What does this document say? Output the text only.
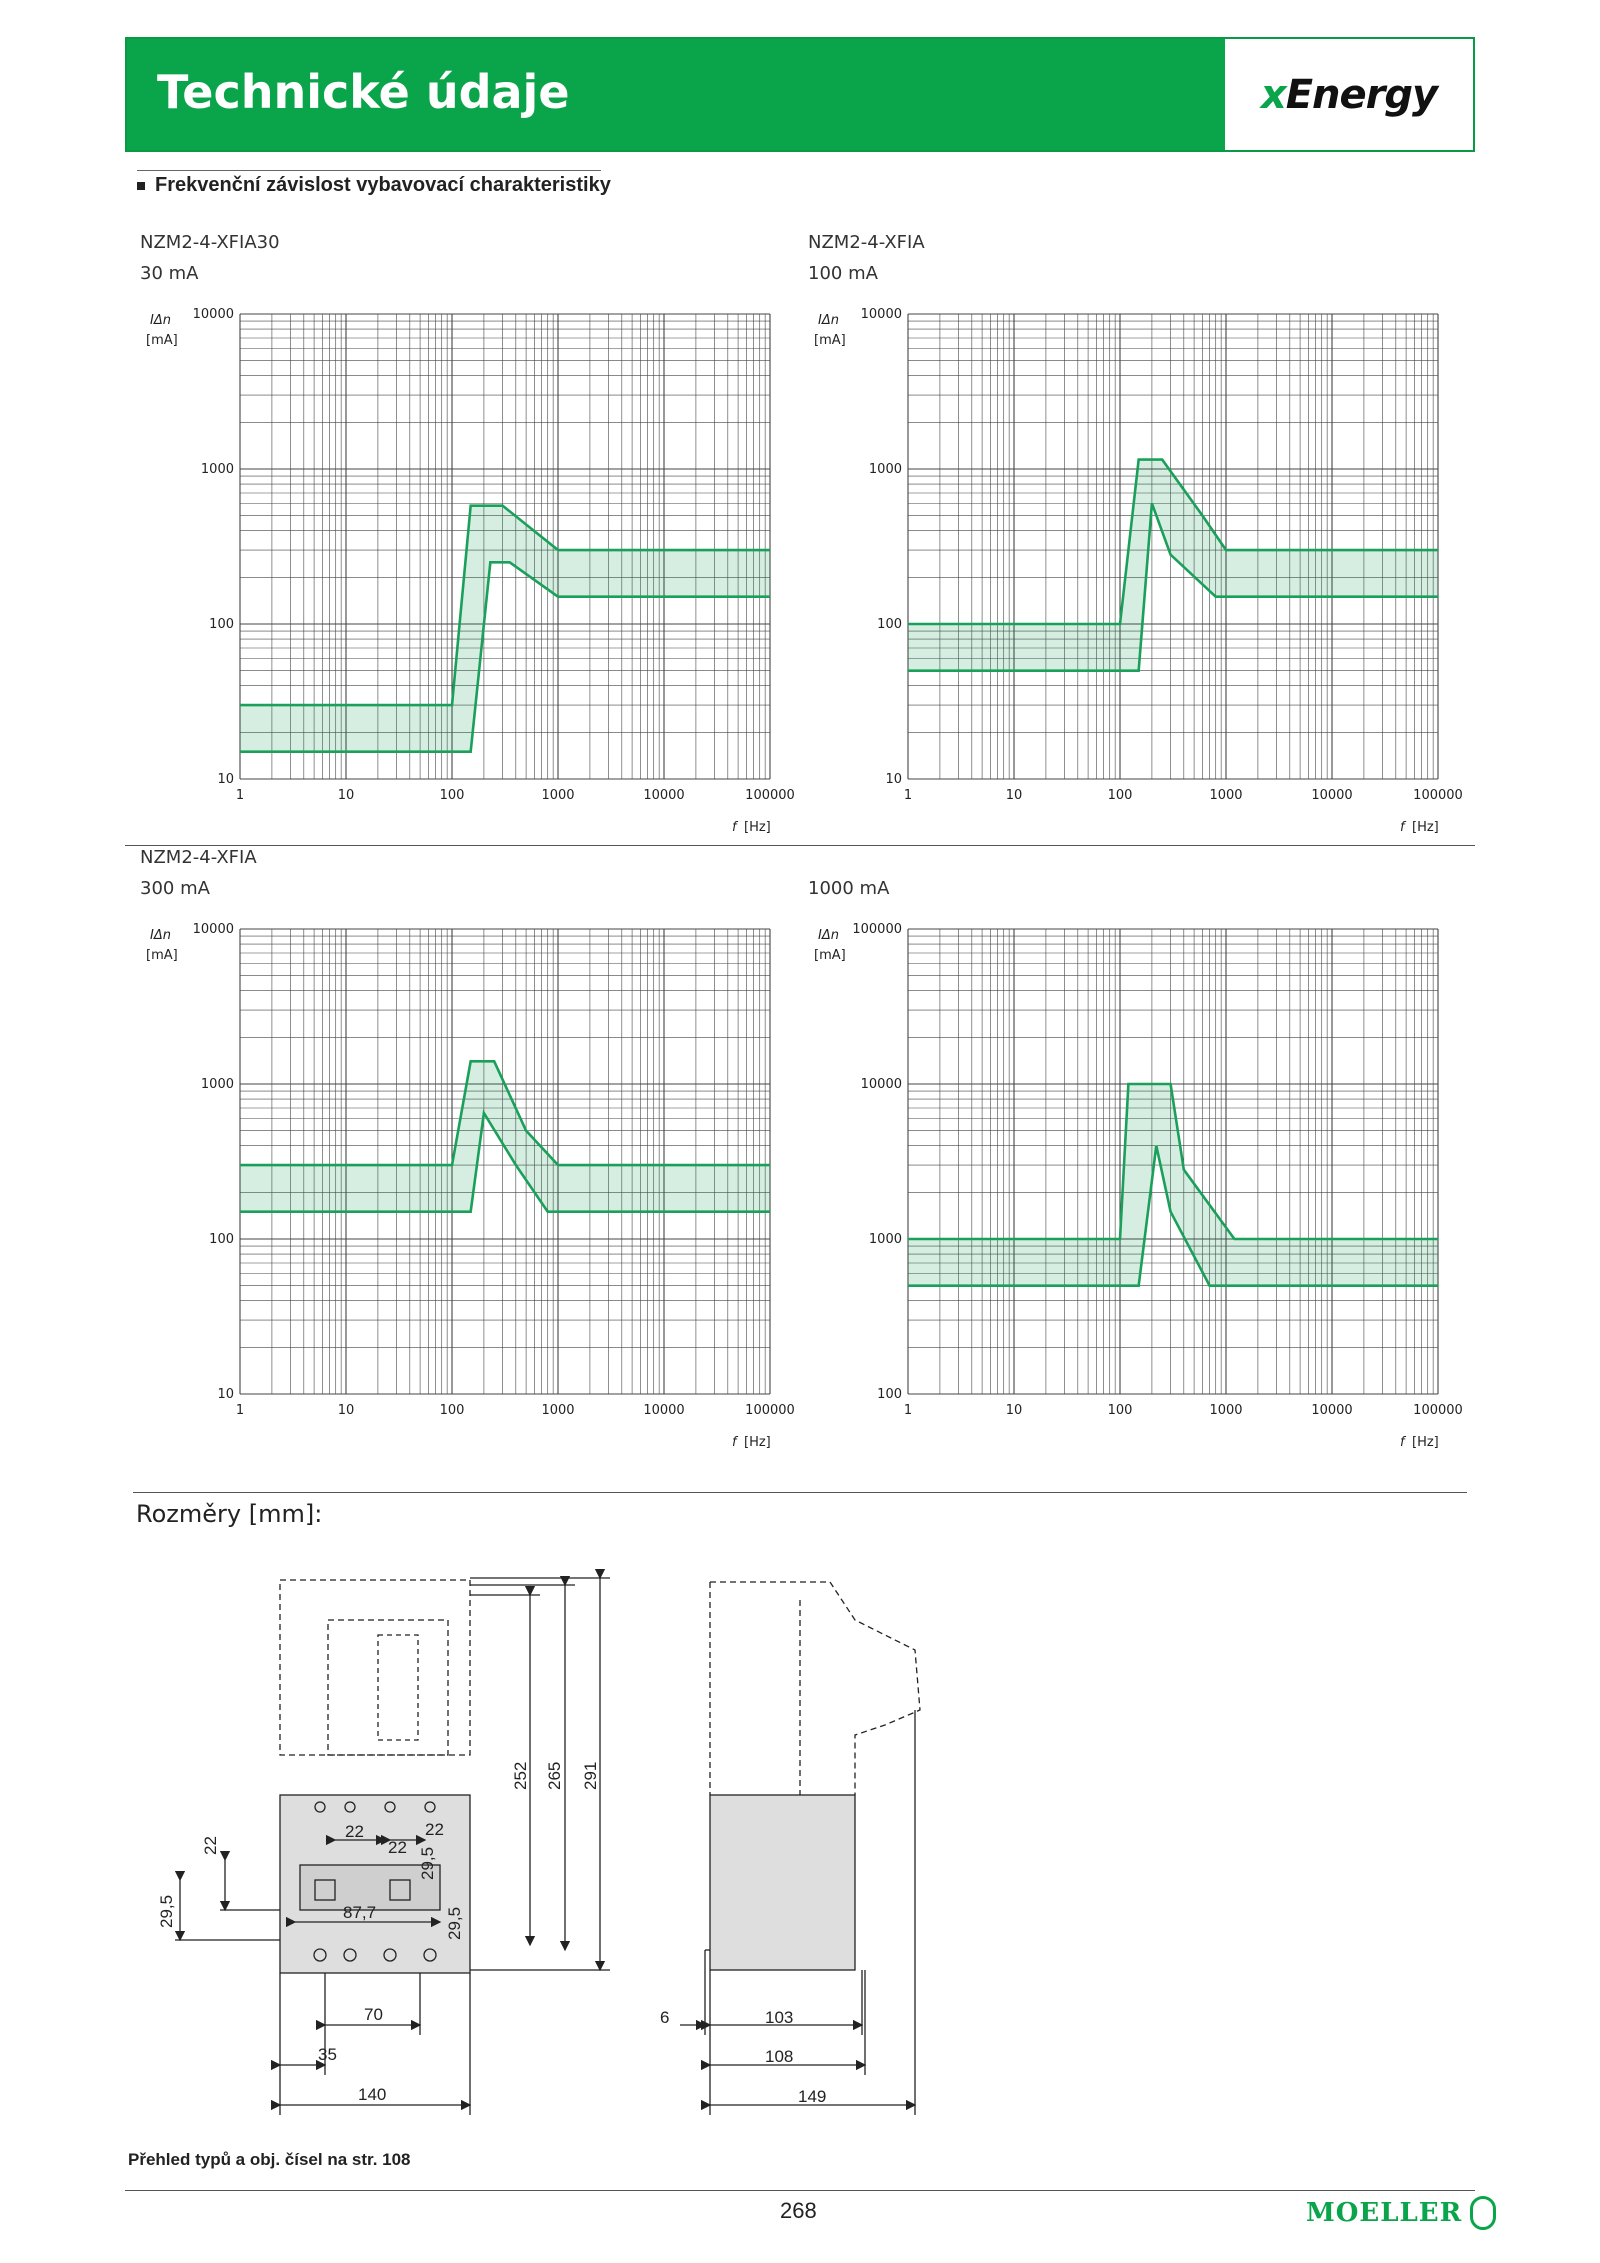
Technické údaje	xEnergy
Frekvenční závislost vybavovací charakteristiky
NZM2-4-XFIA30
30 mA
NZM2-4-XFIA
100 mA
NZM2-4-XFIA
300 mA	1000 mA
1	10	100	1000	10000	100000
10
100
1000
10000
IΔn
[mA]
f [Hz]
1	10	100	1000	10000	100000
10
100
1000
10000
IΔn
[mA]
f [Hz]
1	10	100	1000	10000	100000
10
100
1000
10000
IΔn
[mA]
f [Hz]
1	10	100	1000	10000	100000
100
1000
10000
100000
IΔn
[mA]
f [Hz]
Rozměry [mm]:
22
29,5
22
22
22
29,5
87,7	29,5
252 265 291
70
35
140
6	103
108
149
Přehled typů a obj. čísel na str. 108
268	MOELLER
